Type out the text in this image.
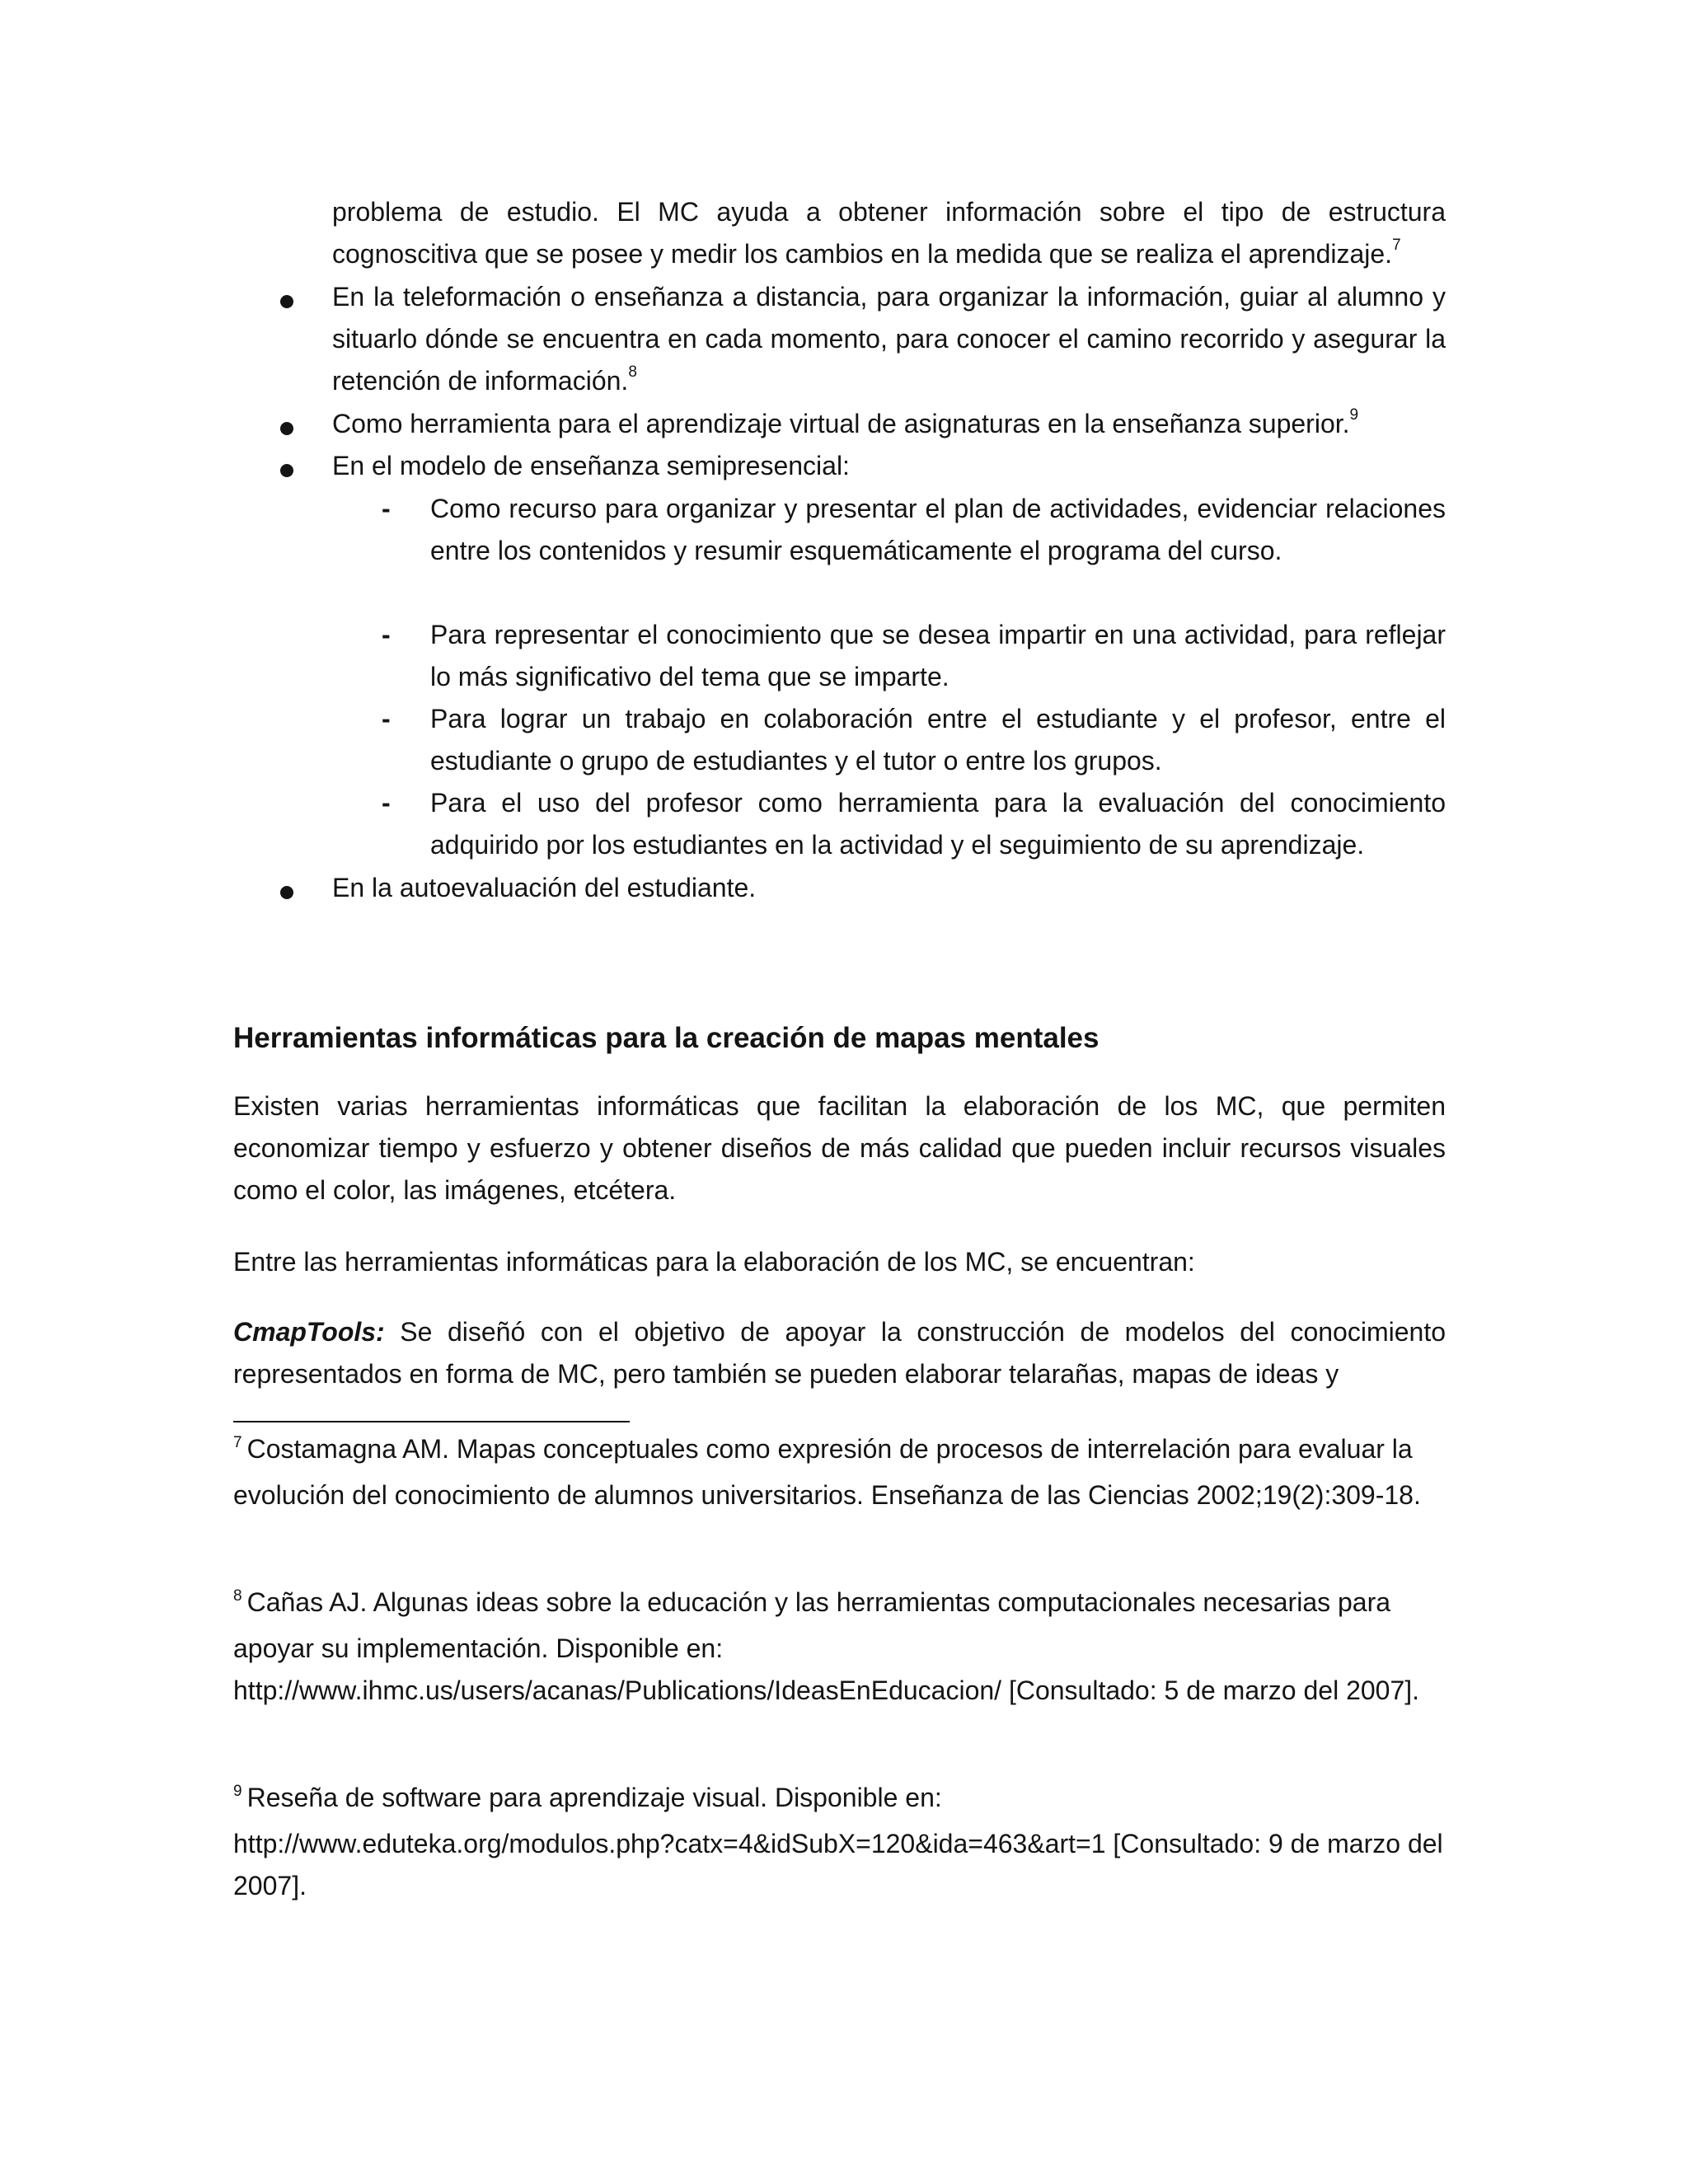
problema de estudio. El MC ayuda a obtener información sobre el tipo de estructura cognoscitiva que se posee y medir los cambios en la medida que se realiza el aprendizaje.$^7$
En la teleformación o enseñanza a distancia, para organizar la información, guiar al alumno y situarlo dónde se encuentra en cada momento, para conocer el camino recorrido y asegurar la retención de información.$^8$
Como herramienta para el aprendizaje virtual de asignaturas en la enseñanza superior.$^9$
En el modelo de enseñanza semipresencial:
- Como recurso para organizar y presentar el plan de actividades, evidenciar relaciones entre los contenidos y resumir esquemáticamente el programa del curso.
- Para representar el conocimiento que se desea impartir en una actividad, para reflejar lo más significativo del tema que se imparte.
- Para lograr un trabajo en colaboración entre el estudiante y el profesor, entre el estudiante o grupo de estudiantes y el tutor o entre los grupos.
- Para el uso del profesor como herramienta para la evaluación del conocimiento adquirido por los estudiantes en la actividad y el seguimiento de su aprendizaje.
En la autoevaluación del estudiante.
Herramientas informáticas para la creación de mapas mentales
Existen varias herramientas informáticas que facilitan la elaboración de los MC, que permiten economizar tiempo y esfuerzo y obtener diseños de más calidad que pueden incluir recursos visuales como el color, las imágenes, etcétera.
Entre las herramientas informáticas para la elaboración de los MC, se encuentran:
CmapTools: Se diseñó con el objetivo de apoyar la construcción de modelos del conocimiento representados en forma de MC, pero también se pueden elaborar telarañas, mapas de ideas y
$^7$ Costamagna AM. Mapas conceptuales como expresión de procesos de interrelación para evaluar la evolución del conocimiento de alumnos universitarios. Enseñanza de las Ciencias 2002;19(2):309-18.
$^8$ Cañas AJ. Algunas ideas sobre la educación y las herramientas computacionales necesarias para apoyar su implementación. Disponible en:
http://www.ihmc.us/users/acanas/Publications/IdeasEnEducacion/ [Consultado: 5 de marzo del 2007].
$^9$ Reseña de software para aprendizaje visual. Disponible en:
http://www.eduteka.org/modulos.php?catx=4&idSubX=120&ida=463&art=1 [Consultado: 9 de marzo del 2007].
